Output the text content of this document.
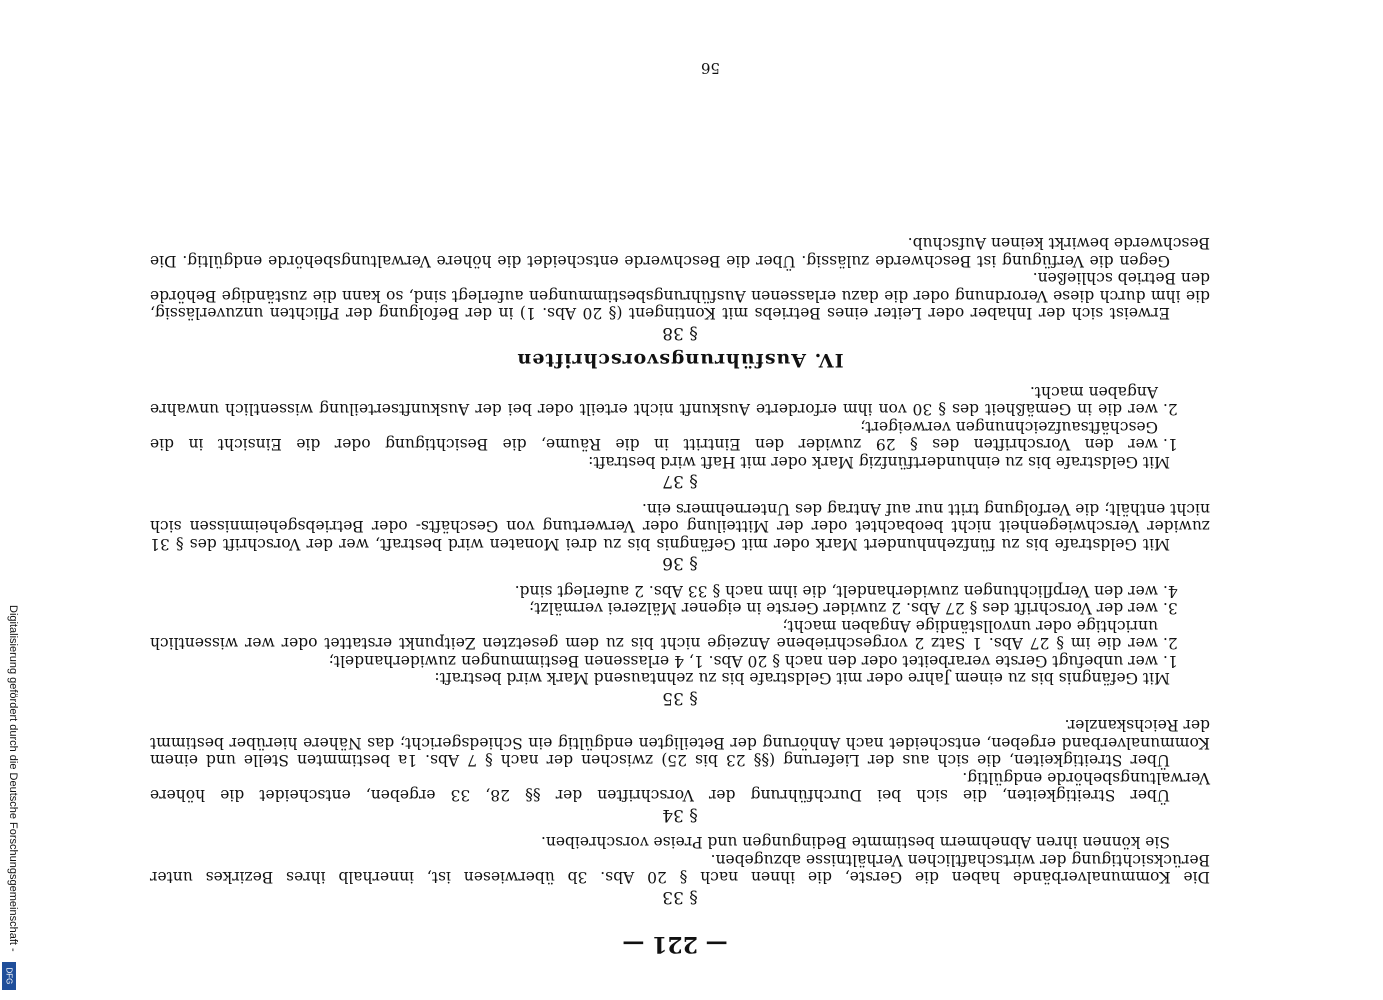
— 221 —
§ 33

Die Kommunalverbände haben die Gerste, die ihnen nach § 20 Abs. 3b überwiesen ist, innerhalb ihres Bezirkes unter Berücksichtigung der wirtschaftlichen Verhältnisse abzugeben.

Sie können ihren Abnehmern bestimmte Bedingungen und Preise vorschreiben.

§ 34

Über Streitigkeiten, die sich bei Durchführung der Vorschriften der §§ 28, 33 ergeben, entscheidet die höhere Verwaltungsbehörde endgültig.

Über Streitigkeiten, die sich aus der Lieferung (§§ 23 bis 25) zwischen der nach § 7 Abs. 1a bestimmten Stelle und einem Kommunalverband ergeben, entscheidet nach Anhörung der Beteiligten endgültig ein Schiedsgericht; das Nähere hierüber bestimmt der Reichskanzler.

§ 35

Mit Gefängnis bis zu einem Jahre oder mit Geldstrafe bis zu zehntausend Mark wird bestraft:

1. wer unbefugt Gerste verarbeitet oder den nach § 20 Abs. 1, 4 erlassenen Bestimmungen zuwiderhandelt;
2. wer die im § 27 Abs. 1 Satz 2 vorgeschriebene Anzeige nicht bis zu dem gesetzten Zeitpunkt erstattet oder wer wissentlich unrichtige oder unvollständige Angaben macht;
3. wer der Vorschrift des § 27 Abs. 2 zuwider Gerste in eigener Mälzerei vermälzt;
4. wer den Verpflichtungen zuwiderhandelt, die ihm nach § 33 Abs. 2 auferlegt sind.
§ 36

Mit Geldstrafe bis zu fünfzehnhundert Mark oder mit Gefängnis bis zu drei Monaten wird bestraft, wer der Vorschrift des § 31 zuwider Verschwiegenheit nicht beobachtet oder der Mitteilung oder Verwertung von Geschäfts- oder Betriebsgeheimnissen sich nicht enthält; die Verfolgung tritt nur auf Antrag des Unternehmers ein.

§ 37

Mit Geldstrafe bis zu einhundertfünfzig Mark oder mit Haft wird bestraft:

1. wer den Vorschriften des § 29 zuwider den Eintritt in die Räume, die Besichtigung oder die Einsicht in die Geschäftsaufzeichnungen verweigert;
2. wer die in Gemäßheit des § 30 von ihm erforderte Auskunft nicht erteilt oder bei der Auskunftserteilung wissentlich unwahre Angaben macht.
IV. Ausführungsvorschriften
§ 38

Erweist sich der Inhaber oder Leiter eines Betriebs mit Kontingent (§ 20 Abs. 1) in der Befolgung der Pflichten unzuverlässig, die ihm durch diese Verordnung oder die dazu erlassenen Ausführungsbestimmungen auferlegt sind, so kann die zuständige Behörde den Betrieb schließen.

Gegen die Verfügung ist Beschwerde zulässig. Über die Beschwerde entscheidet die höhere Verwaltungsbehörde endgültig. Die Beschwerde bewirkt keinen Aufschub.

56
Digitalisierung gefördert durch die Deutsche Forschungsgemeinschaft -
DFG
